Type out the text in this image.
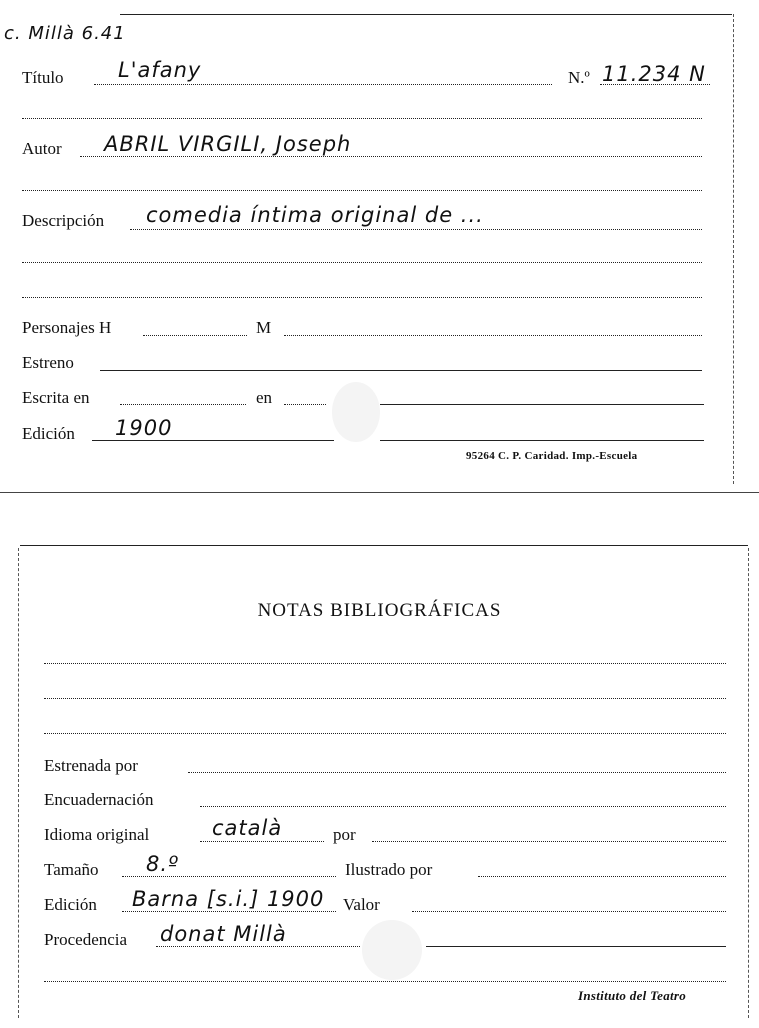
c. Millà 6.41
Título	L'afany	N.º 11.234 N
Autor ABRIL VIRGILI, Joseph
Descripción comedia íntima original de ...
Personajes H	M
Estreno
Escrita en	en
Edición 1900
95264 C. P. Caridad. Imp.-Escuela
NOTAS BIBLIOGRÁFICAS
Estrenada por
Encuadernación
Idioma original	català	por
Tamaño 8.º	Ilustrado por
Edición Barna [s.i.] 1900 Valor
Procedencia donat Millà
Instituto del Teatro
